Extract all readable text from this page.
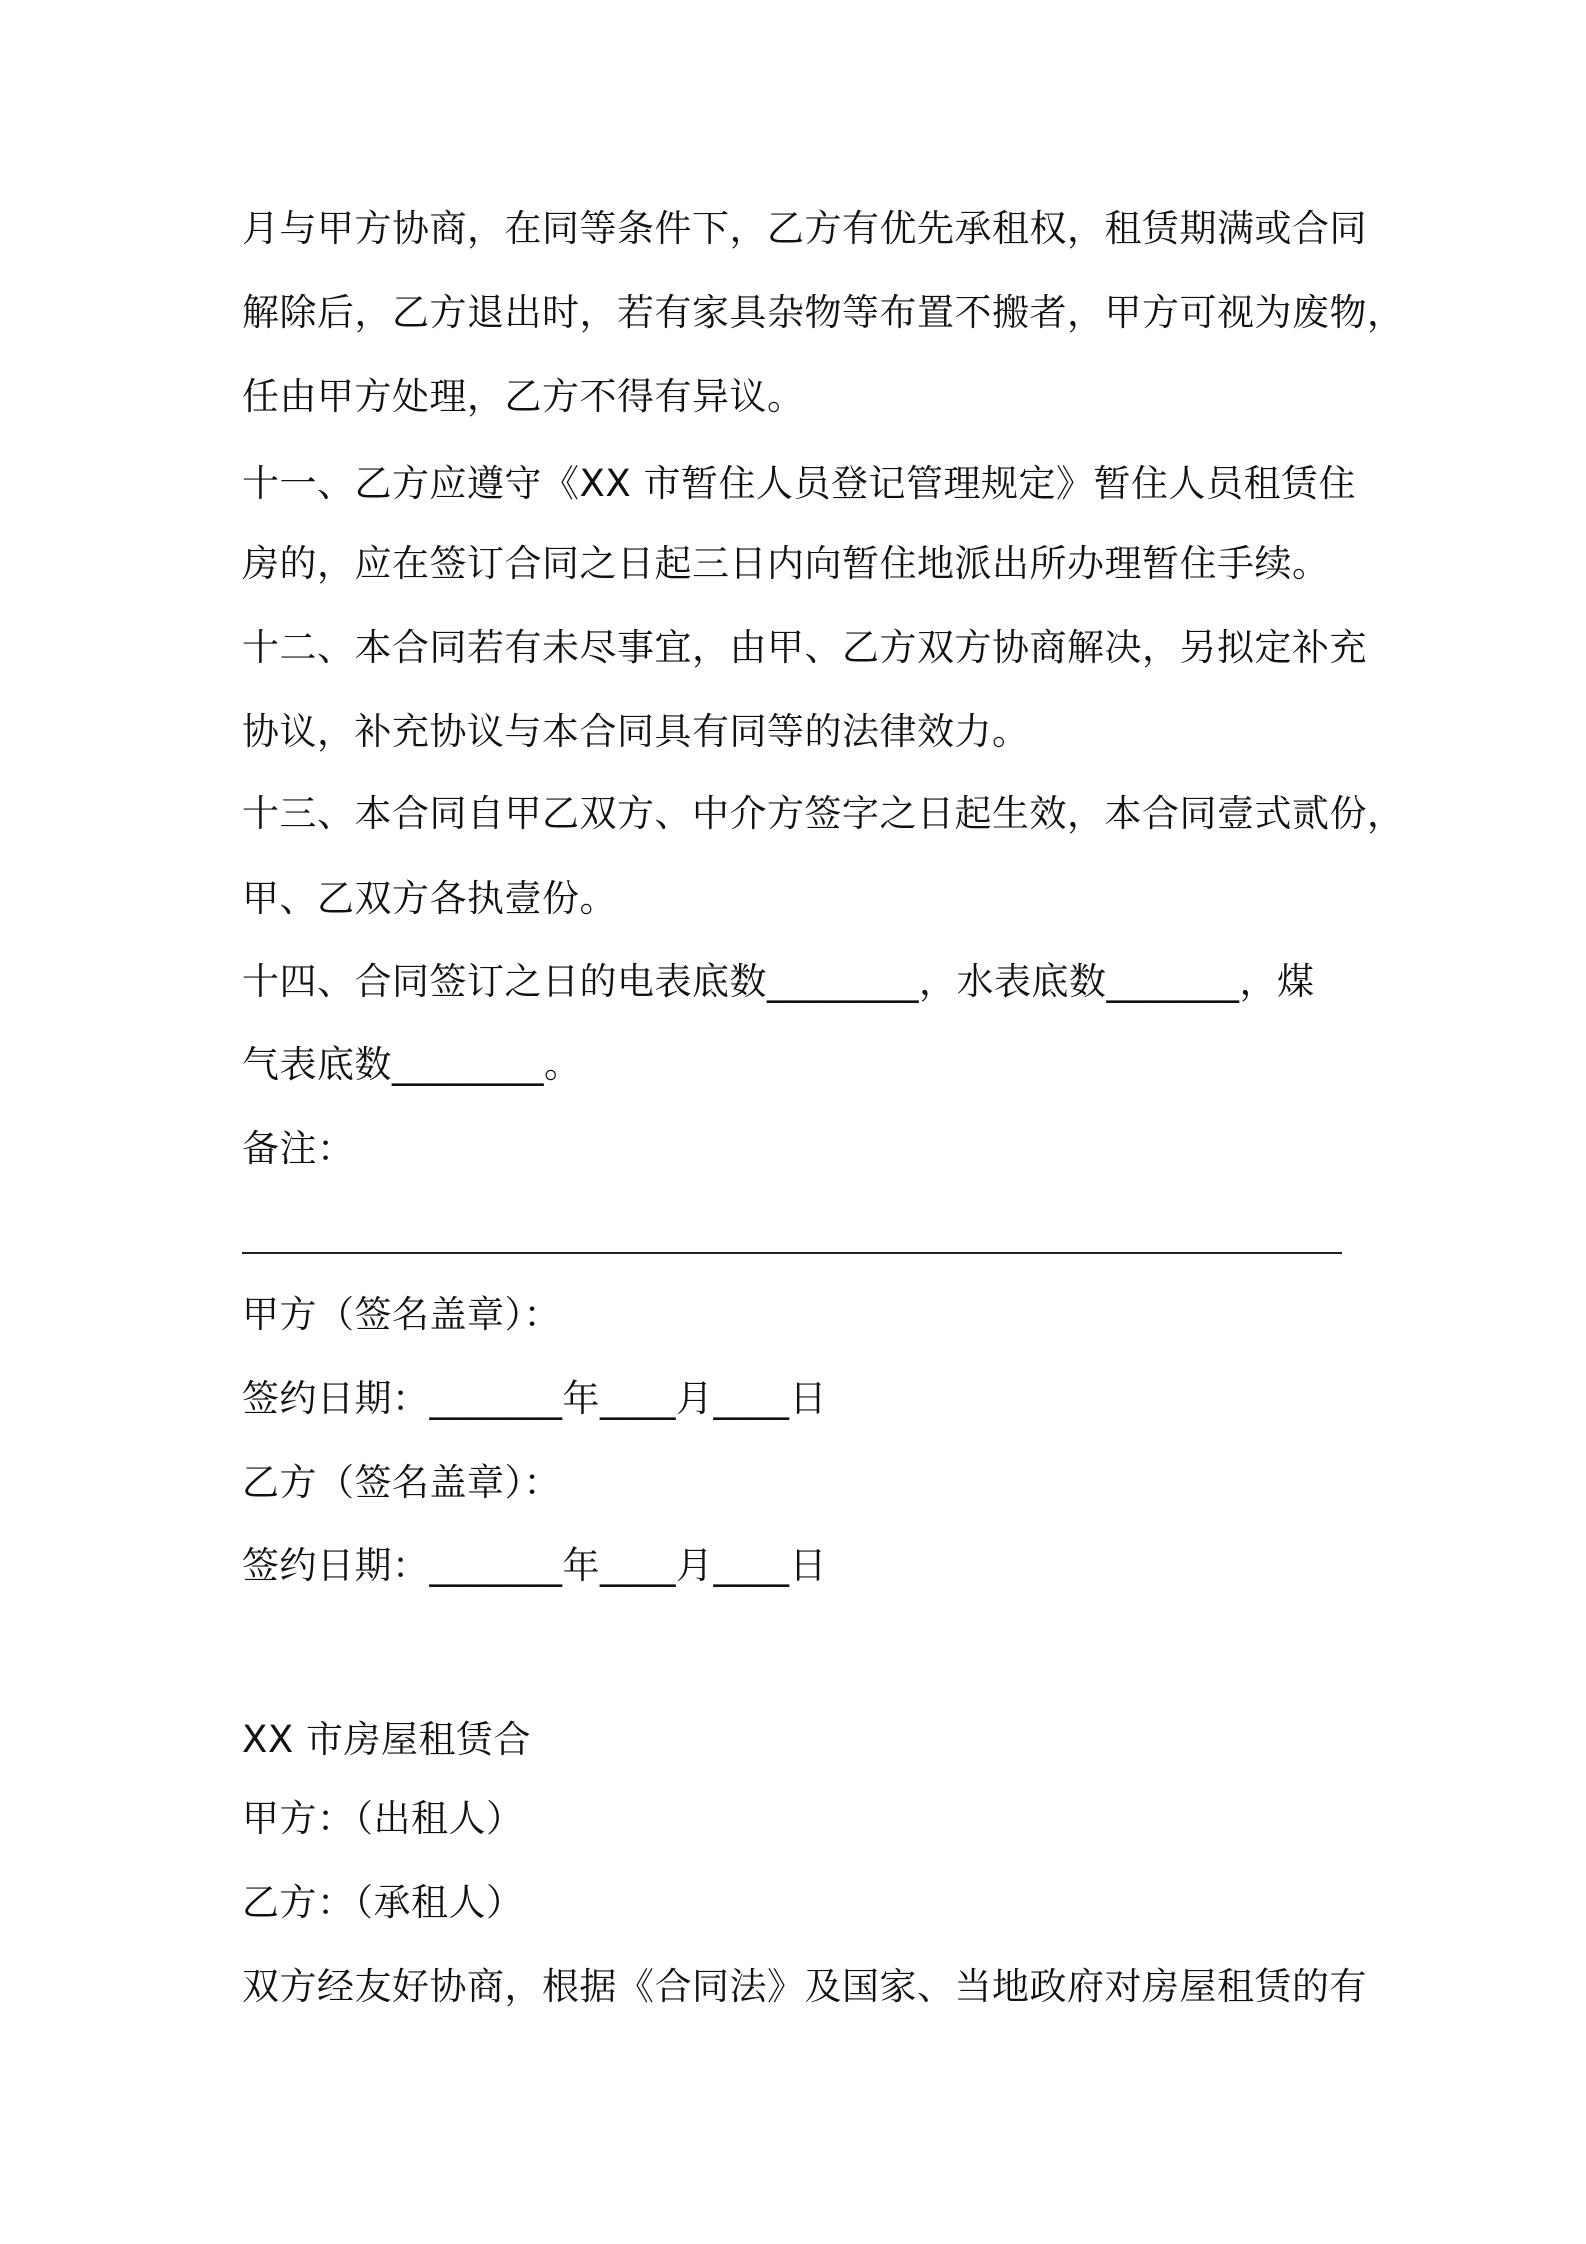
月与甲方协商，在同等条件下，乙方有优先承租权，租赁期满或合同
解除后，乙方退出时，若有家具杂物等布置不搬者，甲方可视为废物，
任由甲方处理，乙方不得有异议。
十一、乙方应遵守《XX 市暂住人员登记管理规定》暂住人员租赁住
房的，应在签订合同之日起三日内向暂住地派出所办理暂住手续。
十二、本合同若有未尽事宜，由甲、乙方双方协商解决，另拟定补充
协议，补充协议与本合同具有同等的法律效力。
十三、本合同自甲乙双方、中介方签字之日起生效，本合同壹式贰份，
甲、乙双方各执壹份。
十四、合同签订之日的电表底数________，水表底数_______，煤
气表底数________。
备注：
甲方（签名盖章）：
签约日期：_______年____月____日
乙方（签名盖章）：
签约日期：_______年____月____日
XX 市房屋租赁合
甲方：（出租人）
乙方：（承租人）
双方经友好协商，根据《合同法》及国家、当地政府对房屋租赁的有
